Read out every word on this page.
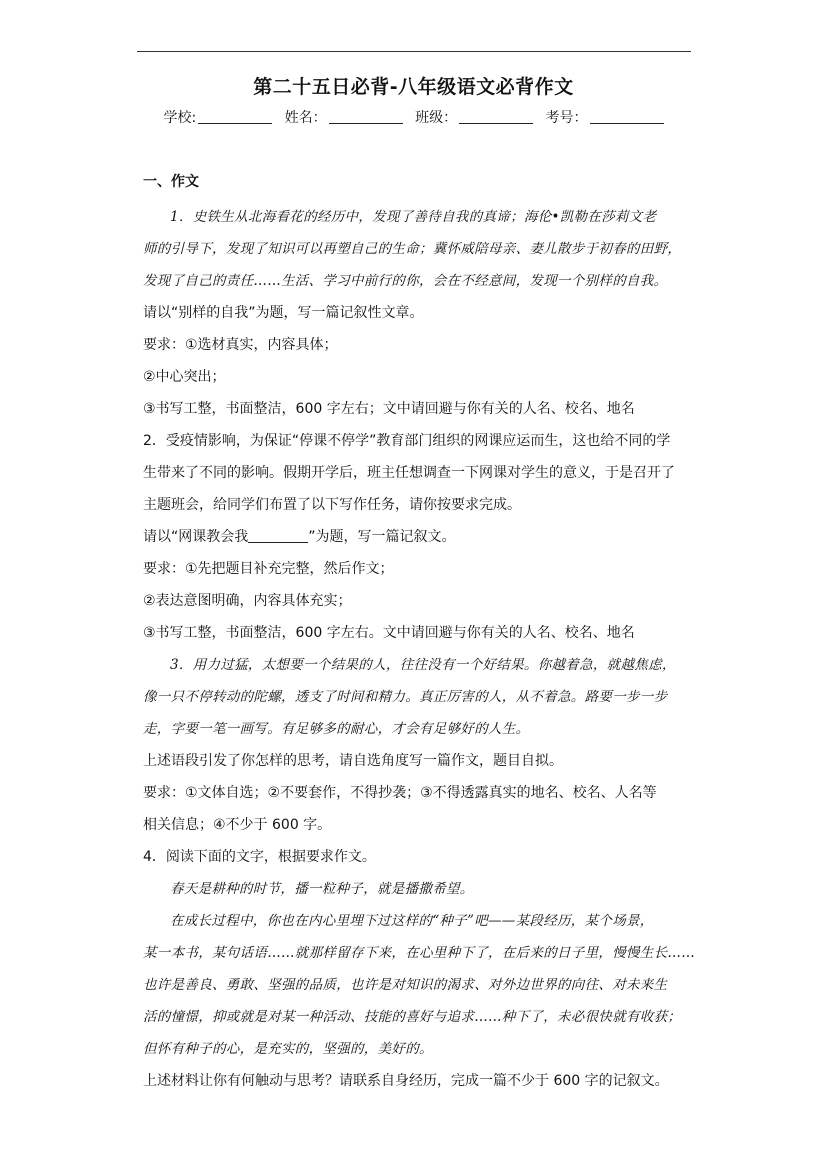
第二十五日必背-八年级语文必背作文
学校:	姓名：	班级：	考号：
一、作文

1．史铁生从北海看花的经历中，发现了善待自我的真谛；海伦•凯勒在莎莉文老

师的引导下，发现了知识可以再塑自己的生命；冀怀威陪母亲、妻儿散步于初春的田野，

发现了自己的责任……生活、学习中前行的你，会在不经意间，发现一个别样的自我。

请以“别样的自我”为题，写一篇记叙性文章。

要求：①选材真实，内容具体；

②中心突出；

③书写工整，书面整洁，600 字左右；文中请回避与你有关的人名、校名、地名

2．受疫情影响，为保证“停课不停学”教育部门组织的网课应运而生，这也给不同的学

生带来了不同的影响。假期开学后，班主任想调查一下网课对学生的意义，于是召开了

主题班会，给同学们布置了以下写作任务，请你按要求完成。

请以“网课教会我	”为题，写一篇记叙文。

要求：①先把题目补充完整，然后作文；

②表达意图明确，内容具体充实；

③书写工整，书面整洁，600 字左右。文中请回避与你有关的人名、校名、地名

3．用力过猛，太想要一个结果的人，往往没有一个好结果。你越着急，就越焦虑，

像一只不停转动的陀螺，透支了时间和精力。真正厉害的人，从不着急。路要一步一步

走，字要一笔一画写。有足够多的耐心，才会有足够好的人生。

上述语段引发了你怎样的思考，请自选角度写一篇作文，题目自拟。

要求：①文体自选；②不要套作，不得抄袭；③不得透露真实的地名、校名、人名等

相关信息；④不少于 600 字。

4．阅读下面的文字，根据要求作文。

春天是耕种的时节，播一粒种子，就是播撒希望。

在成长过程中，你也在内心里埋下过这样的“种子”吧——某段经历，某个场景，

某一本书，某句话语……就那样留存下来，在心里种下了，在后来的日子里，慢慢生长……

也许是善良、勇敢、坚强的品质，也许是对知识的渴求、对外边世界的向往、对未来生

活的憧憬，抑或就是对某一种活动、技能的喜好与追求……种下了，未必很快就有收获；

但怀有种子的心，是充实的，坚强的，美好的。

上述材料让你有何触动与思考？请联系自身经历，完成一篇不少于 600 字的记叙文。
